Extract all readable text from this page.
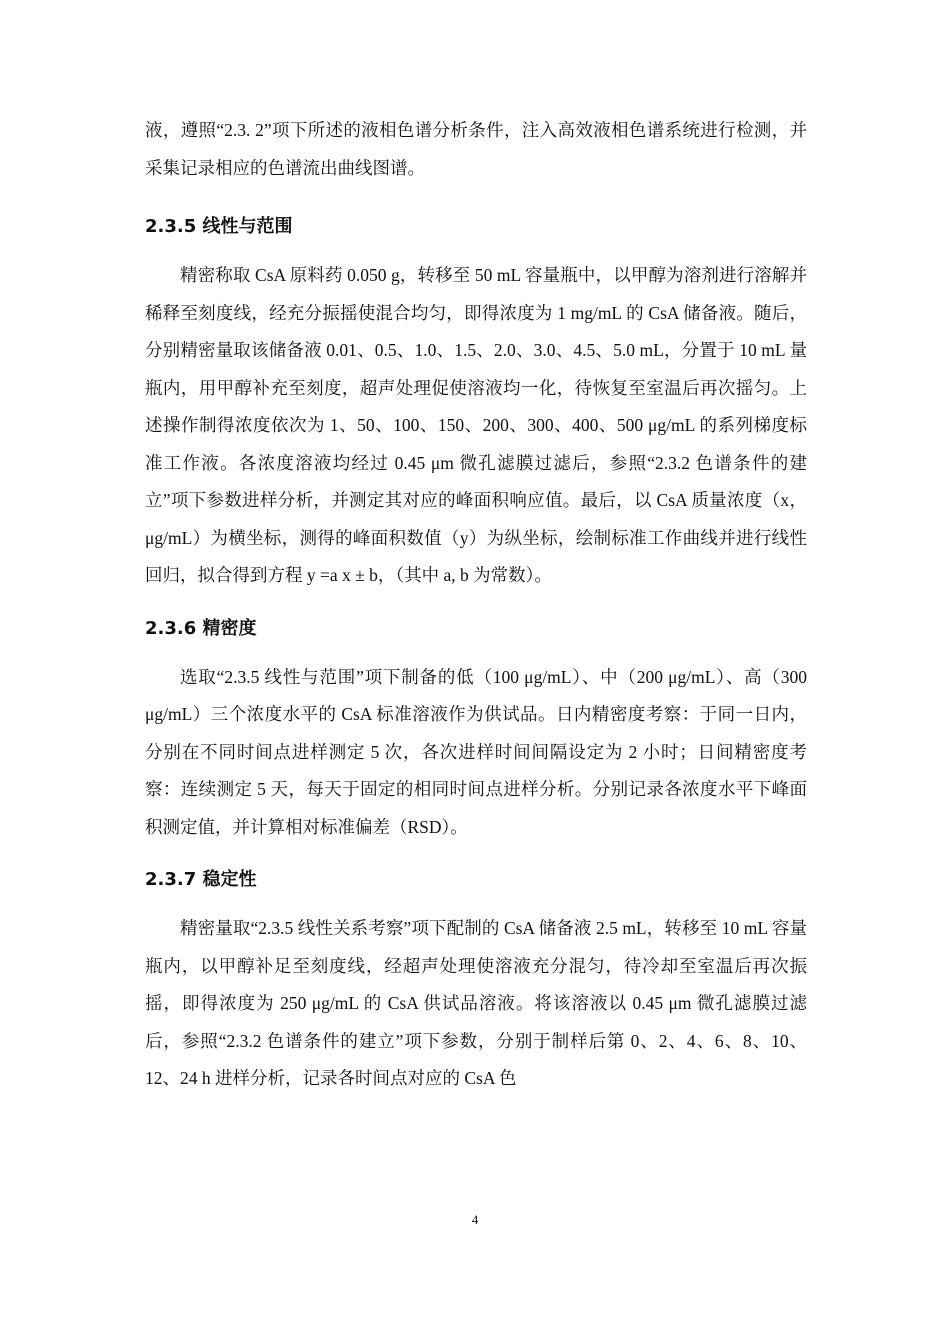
液，遵照“2.3. 2”项下所述的液相色谱分析条件，注入高效液相色谱系统进行检测，并采集记录相应的色谱流出曲线图谱。

2.3.5 线性与范围

精密称取 CsA 原料药 0.050 g，转移至 50 mL 容量瓶中，以甲醇为溶剂进行溶解并稀释至刻度线，经充分振摇使混合均匀，即得浓度为 1 mg/mL 的 CsA 储备液。随后，分别精密量取该储备液 0.01、0.5、1.0、1.5、2.0、3.0、4.5、5.0 mL，分置于 10 mL 量瓶内，用甲醇补充至刻度，超声处理促使溶液均一化，待恢复至室温后再次摇匀。上述操作制得浓度依次为 1、50、100、150、200、300、400、500 μg/mL 的系列梯度标准工作液。各浓度溶液均经过 0.45 μm 微孔滤膜过滤后，参照“2.3.2 色谱条件的建立”项下参数进样分析，并测定其对应的峰面积响应值。最后，以 CsA 质量浓度（x，μg/mL）为横坐标，测得的峰面积数值（y）为纵坐标，绘制标准工作曲线并进行线性回归，拟合得到方程 y =a x ± b，（其中 a, b 为常数）。

2.3.6 精密度

选取“2.3.5 线性与范围”项下制备的低（100 μg/mL）、中（200 μg/mL）、高（300 μg/mL）三个浓度水平的 CsA 标准溶液作为供试品。日内精密度考察：于同一日内，分别在不同时间点进样测定 5 次，各次进样时间间隔设定为 2 小时；日间精密度考察：连续测定 5 天，每天于固定的相同时间点进样分析。分别记录各浓度水平下峰面积测定值，并计算相对标准偏差（RSD）。

2.3.7 稳定性

精密量取“2.3.5 线性关系考察”项下配制的 CsA 储备液 2.5 mL，转移至 10 mL 容量瓶内，以甲醇补足至刻度线，经超声处理使溶液充分混匀，待冷却至室温后再次振摇，即得浓度为 250 μg/mL 的 CsA 供试品溶液。将该溶液以 0.45 μm 微孔滤膜过滤后，参照“2.3.2 色谱条件的建立”项下参数，分别于制样后第 0、2、4、6、8、10、12、24 h 进样分析，记录各时间点对应的 CsA 色

4
